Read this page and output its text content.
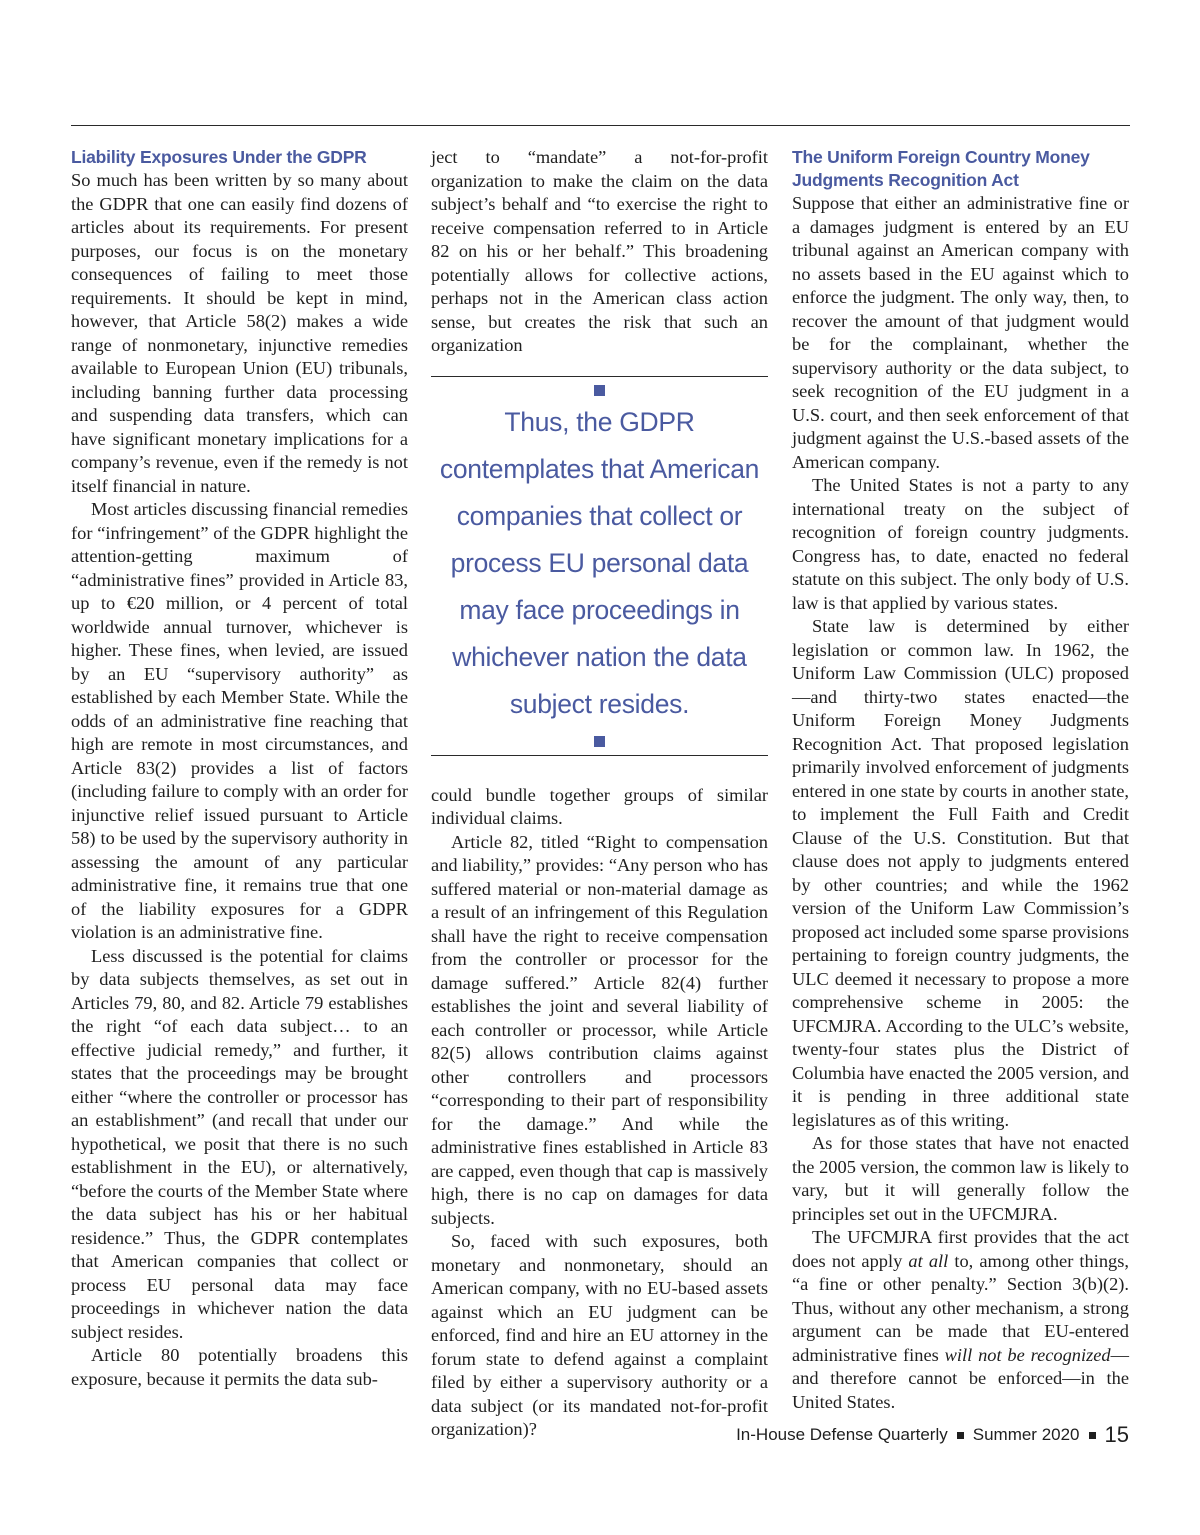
Liability Exposures Under the GDPR

So much has been written by so many about the GDPR that one can easily find dozens of articles about its requirements. For present purposes, our focus is on the monetary consequences of failing to meet those requirements. It should be kept in mind, however, that Article 58(2) makes a wide range of nonmonetary, injunctive remedies available to European Union (EU) tribunals, including banning further data processing and suspending data transfers, which can have significant monetary implications for a company’s revenue, even if the remedy is not itself financial in nature.

Most articles discussing financial remedies for “infringement” of the GDPR highlight the attention-getting maximum of “administrative fines” provided in Article 83, up to €20 million, or 4 percent of total worldwide annual turnover, whichever is higher. These fines, when levied, are issued by an EU “supervisory authority” as established by each Member State. While the odds of an administrative fine reaching that high are remote in most circumstances, and Article 83(2) provides a list of factors (including failure to comply with an order for injunctive relief issued pursuant to Article 58) to be used by the supervisory authority in assessing the amount of any particular administrative fine, it remains true that one of the liability exposures for a GDPR violation is an administrative fine.

Less discussed is the potential for claims by data subjects themselves, as set out in Articles 79, 80, and 82. Article 79 establishes the right “of each data subject… to an effective judicial remedy,” and further, it states that the proceedings may be brought either “where the controller or processor has an establishment” (and recall that under our hypothetical, we posit that there is no such establishment in the EU), or alternatively, “before the courts of the Member State where the data subject has his or her habitual residence.” Thus, the GDPR contemplates that American companies that collect or process EU personal data may face proceedings in whichever nation the data subject resides.

Article 80 potentially broadens this exposure, because it permits the data sub-

ject to “mandate” a not-for-profit organization to make the claim on the data subject’s behalf and “to exercise the right to receive compensation referred to in Article 82 on his or her behalf.” This broadening potentially allows for collective actions, perhaps not in the American class action sense, but creates the risk that such an organization

Thus, the GDPR contemplates that American companies that collect or process EU personal data may face proceedings in whichever nation the data subject resides.

could bundle together groups of similar individual claims.

Article 82, titled “Right to compensation and liability,” provides: “Any person who has suffered material or non-material damage as a result of an infringement of this Regulation shall have the right to receive compensation from the controller or processor for the damage suffered.” Article 82(4) further establishes the joint and several liability of each controller or processor, while Article 82(5) allows contribution claims against other controllers and processors “corresponding to their part of responsibility for the damage.” And while the administrative fines established in Article 83 are capped, even though that cap is massively high, there is no cap on damages for data subjects.

So, faced with such exposures, both monetary and nonmonetary, should an American company, with no EU-based assets against which an EU judgment can be enforced, find and hire an EU attorney in the forum state to defend against a complaint filed by either a supervisory authority or a data subject (or its mandated not-for-profit organization)?

The Uniform Foreign Country Money Judgments Recognition Act

Suppose that either an administrative fine or a damages judgment is entered by an EU tribunal against an American company with no assets based in the EU against which to enforce the judgment. The only way, then, to recover the amount of that judgment would be for the complainant, whether the supervisory authority or the data subject, to seek recognition of the EU judgment in a U.S. court, and then seek enforcement of that judgment against the U.S.-based assets of the American company.

The United States is not a party to any international treaty on the subject of recognition of foreign country judgments. Congress has, to date, enacted no federal statute on this subject. The only body of U.S. law is that applied by various states.

State law is determined by either legislation or common law. In 1962, the Uniform Law Commission (ULC) proposed—and thirty-two states enacted—the Uniform Foreign Money Judgments Recognition Act. That proposed legislation primarily involved enforcement of judgments entered in one state by courts in another state, to implement the Full Faith and Credit Clause of the U.S. Constitution. But that clause does not apply to judgments entered by other countries; and while the 1962 version of the Uniform Law Commission’s proposed act included some sparse provisions pertaining to foreign country judgments, the ULC deemed it necessary to propose a more comprehensive scheme in 2005: the UFCMJRA. According to the ULC’s website, twenty-four states plus the District of Columbia have enacted the 2005 version, and it is pending in three additional state legislatures as of this writing.

As for those states that have not enacted the 2005 version, the common law is likely to vary, but it will generally follow the principles set out in the UFCMJRA.

The UFCMJRA first provides that the act does not apply at all to, among other things, “a fine or other penalty.” Section 3(b)(2). Thus, without any other mechanism, a strong argument can be made that EU-entered administrative fines will not be recognized—and therefore cannot be enforced—in the United States.

In-House Defense Quarterly Summer 2020 15
